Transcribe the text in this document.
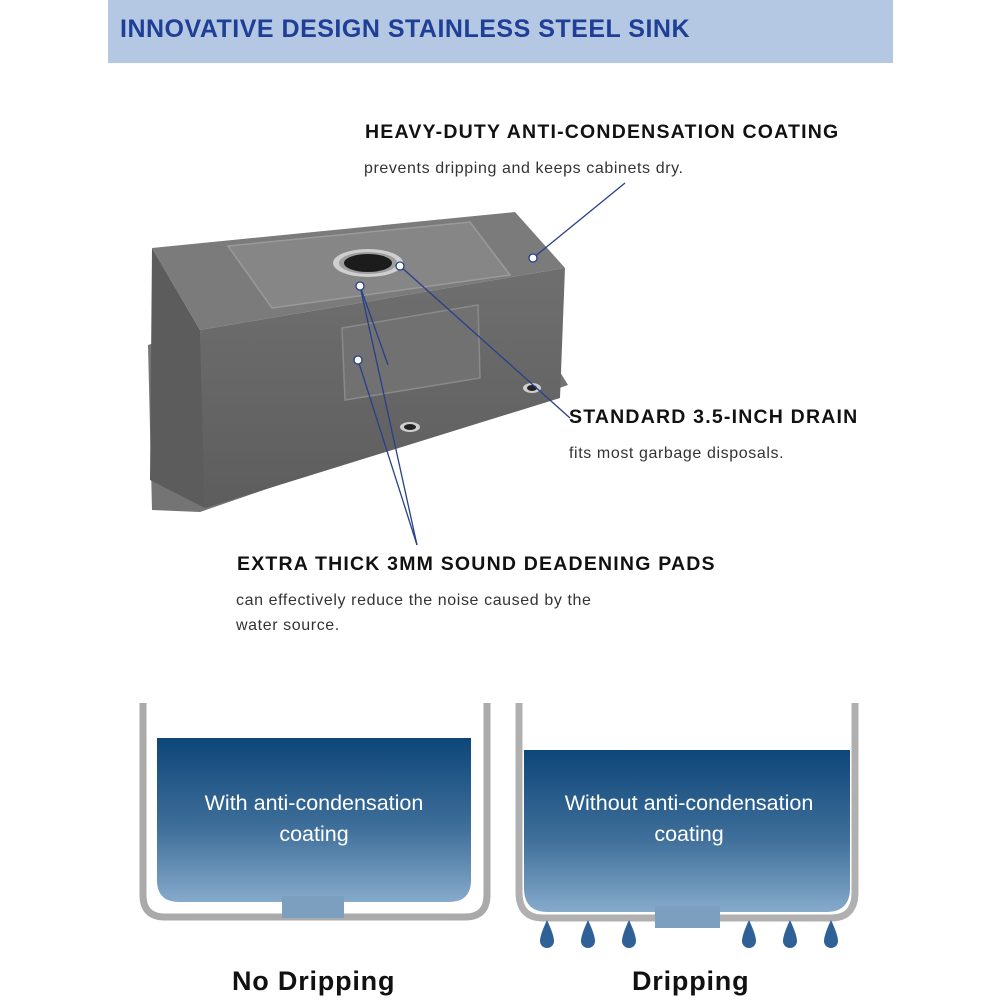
INNOVATIVE DESIGN STAINLESS STEEL SINK
HEAVY-DUTY ANTI-CONDENSATION COATING
prevents dripping and keeps cabinets dry.
STANDARD 3.5-INCH DRAIN
fits most garbage disposals.
EXTRA THICK 3MM SOUND DEADENING PADS
can effectively reduce the noise caused by the
water source.
With anti-condensation
coating
Without anti-condensation
coating
No Dripping	Dripping
